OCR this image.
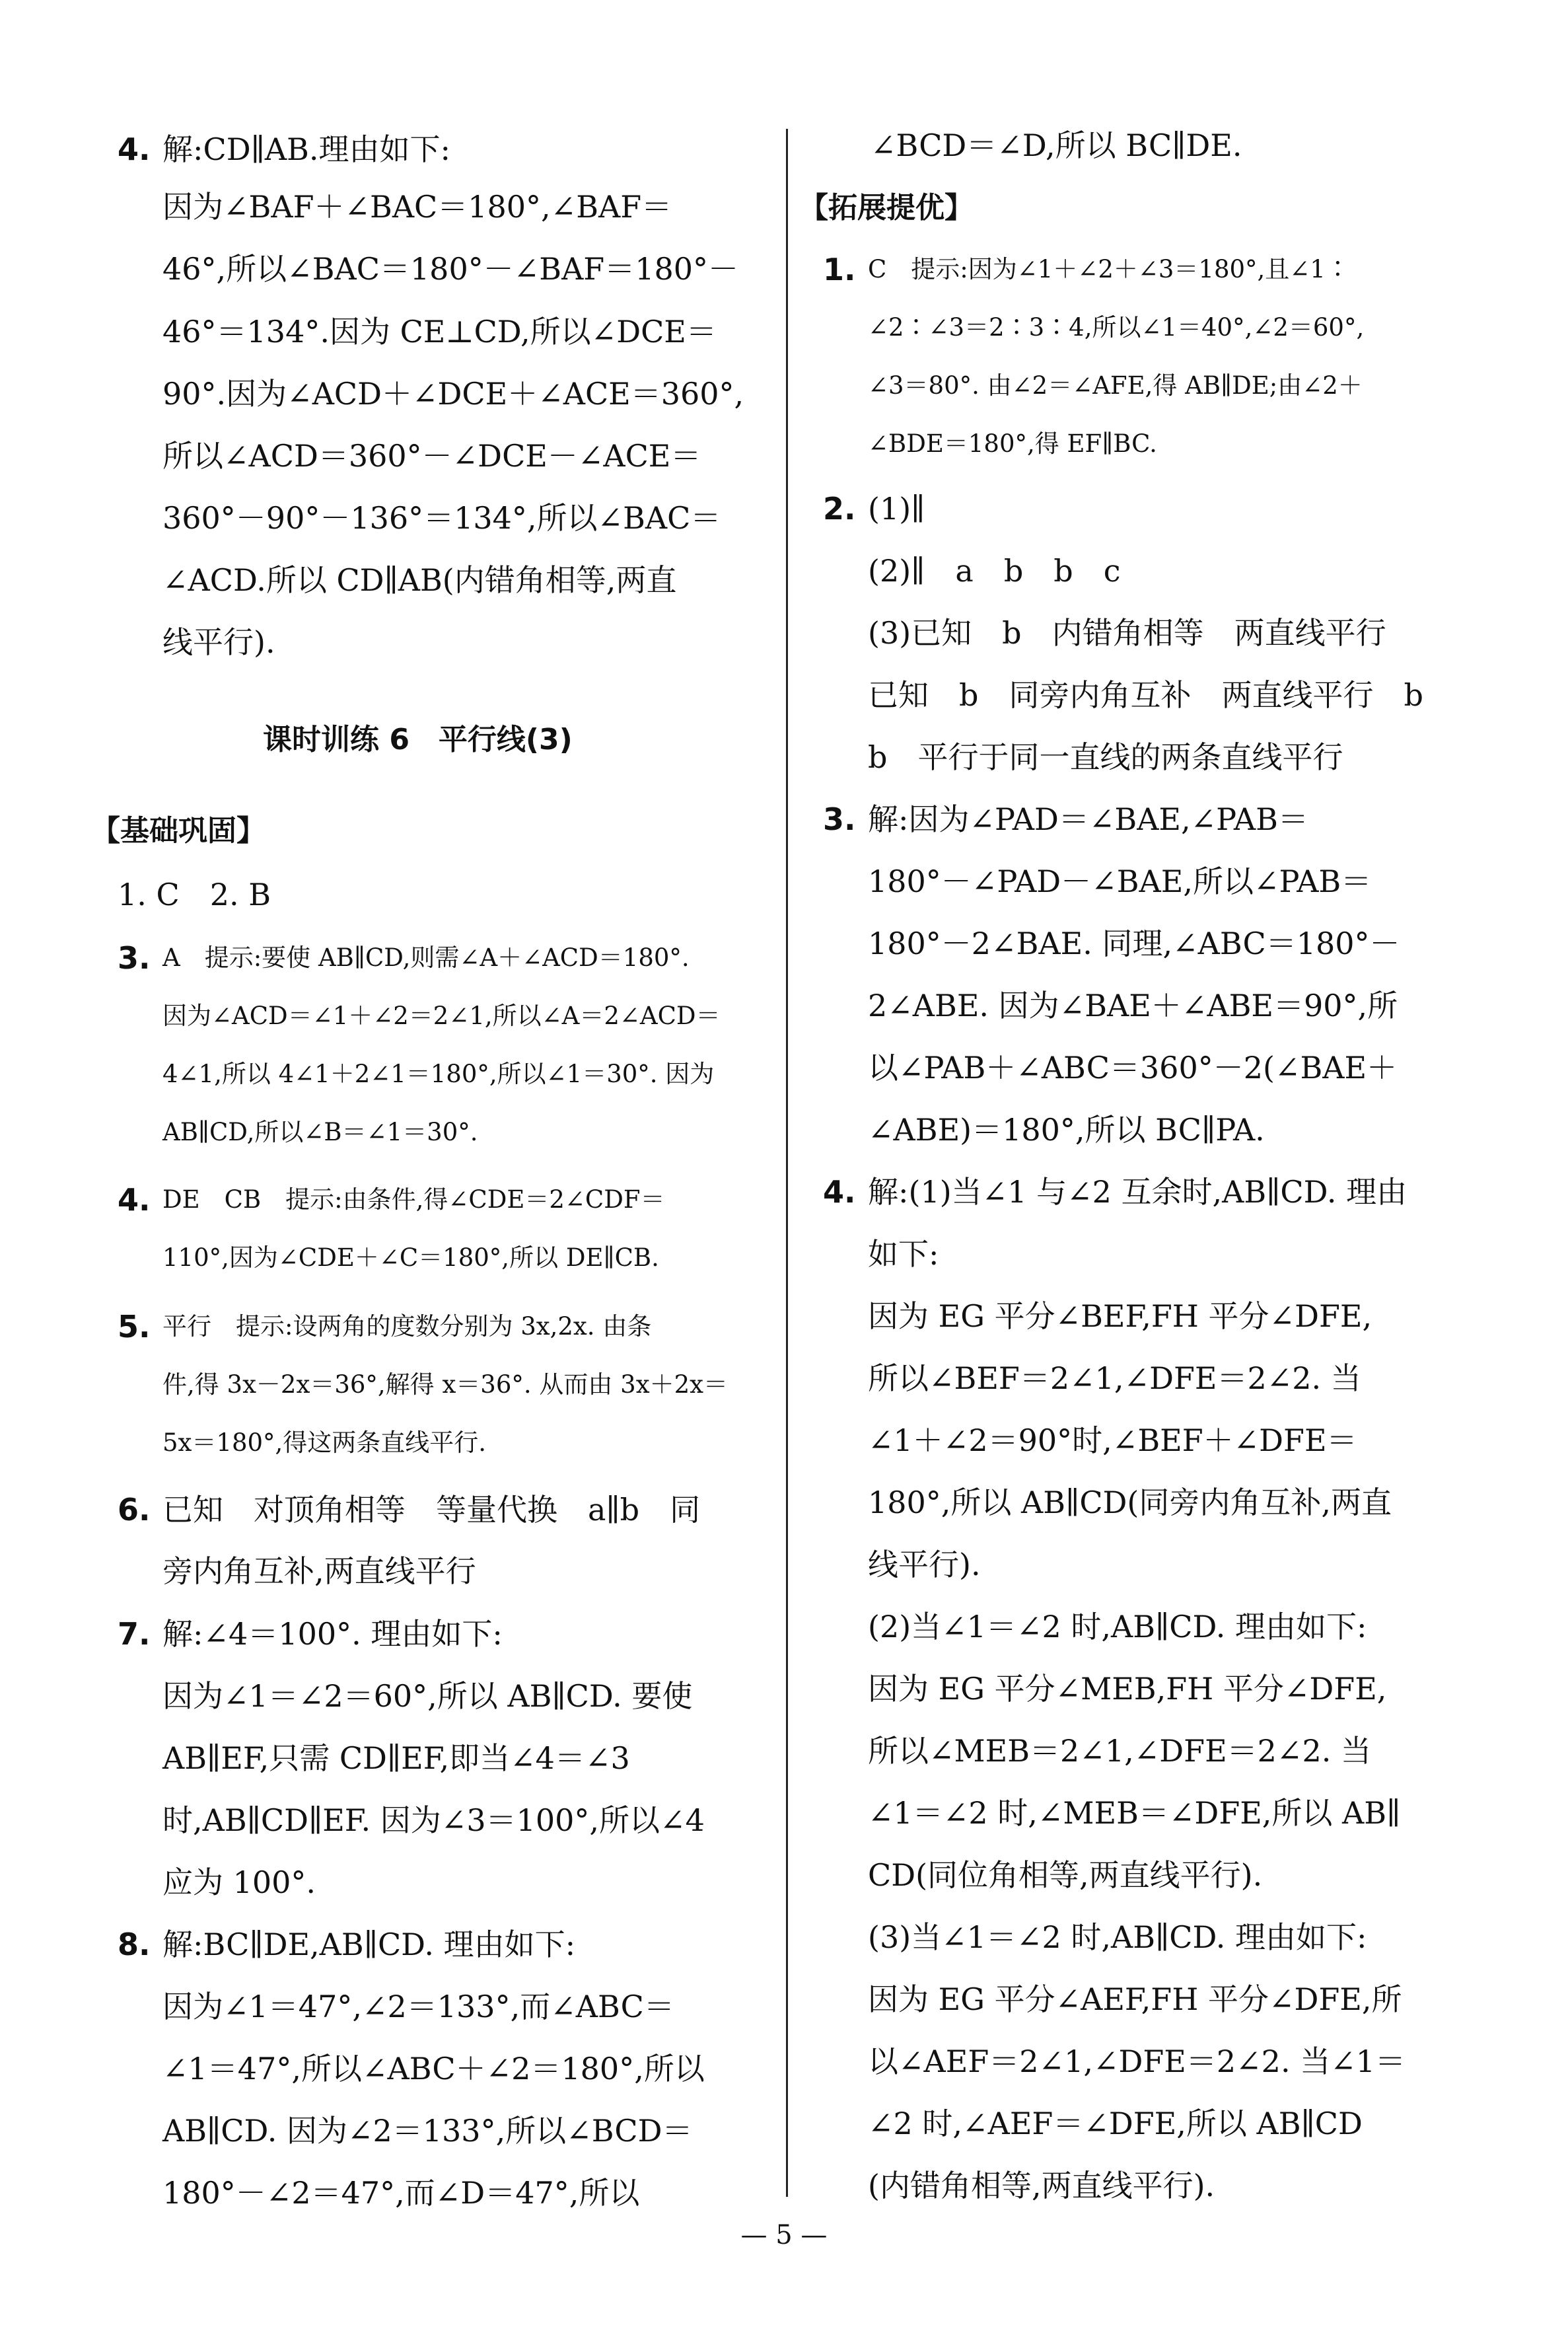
4. 解:CD∥AB.理由如下:
因为∠BAF＋∠BAC＝180°,∠BAF＝
46°,所以∠BAC＝180°－∠BAF＝180°－
46°＝134°.因为 CE⊥CD,所以∠DCE＝
90°.因为∠ACD＋∠DCE＋∠ACE＝360°,
所以∠ACD＝360°－∠DCE－∠ACE＝
360°－90°－136°＝134°,所以∠BAC＝
∠ACD.所以 CD∥AB(内错角相等,两直
线平行).
课时训练 6　平行线(3)
【基础巩固】
1. C　2. B
3. A　提示:要使 AB∥CD,则需∠A＋∠ACD＝180°.
因为∠ACD＝∠1＋∠2＝2∠1,所以∠A＝2∠ACD＝
4∠1,所以 4∠1＋2∠1＝180°,所以∠1＝30°. 因为
AB∥CD,所以∠B＝∠1＝30°.
4. DE　CB　提示:由条件,得∠CDE＝2∠CDF＝
110°,因为∠CDE＋∠C＝180°,所以 DE∥CB.
5. 平行　提示:设两角的度数分别为 3x,2x. 由条
件,得 3x－2x＝36°,解得 x＝36°. 从而由 3x＋2x＝
5x＝180°,得这两条直线平行.
6. 已知　对顶角相等　等量代换　a∥b　同
旁内角互补,两直线平行
7. 解:∠4＝100°. 理由如下:
因为∠1＝∠2＝60°,所以 AB∥CD. 要使
AB∥EF,只需 CD∥EF,即当∠4＝∠3
时,AB∥CD∥EF. 因为∠3＝100°,所以∠4
应为 100°.
8. 解:BC∥DE,AB∥CD. 理由如下:
因为∠1＝47°,∠2＝133°,而∠ABC＝
∠1＝47°,所以∠ABC＋∠2＝180°,所以
AB∥CD. 因为∠2＝133°,所以∠BCD＝
180°－∠2＝47°,而∠D＝47°,所以
∠BCD＝∠D,所以 BC∥DE.
【拓展提优】
1. C　提示:因为∠1＋∠2＋∠3＝180°,且∠1∶
∠2∶∠3＝2∶3∶4,所以∠1＝40°,∠2＝60°,
∠3＝80°. 由∠2＝∠AFE,得 AB∥DE;由∠2＋
∠BDE＝180°,得 EF∥BC.
2. (1)∥
(2)∥　a　b　b　c
(3)已知　b　内错角相等　两直线平行
已知　b　同旁内角互补　两直线平行　b
b　平行于同一直线的两条直线平行
3. 解:因为∠PAD＝∠BAE,∠PAB＝
180°－∠PAD－∠BAE,所以∠PAB＝
180°－2∠BAE. 同理,∠ABC＝180°－
2∠ABE. 因为∠BAE＋∠ABE＝90°,所
以∠PAB＋∠ABC＝360°－2(∠BAE＋
∠ABE)＝180°,所以 BC∥PA.
4. 解:(1)当∠1 与∠2 互余时,AB∥CD. 理由
如下:
因为 EG 平分∠BEF,FH 平分∠DFE,
所以∠BEF＝2∠1,∠DFE＝2∠2. 当
∠1＋∠2＝90°时,∠BEF＋∠DFE＝
180°,所以 AB∥CD(同旁内角互补,两直
线平行).
(2)当∠1＝∠2 时,AB∥CD. 理由如下:
因为 EG 平分∠MEB,FH 平分∠DFE,
所以∠MEB＝2∠1,∠DFE＝2∠2. 当
∠1＝∠2 时,∠MEB＝∠DFE,所以 AB∥
CD(同位角相等,两直线平行).
(3)当∠1＝∠2 时,AB∥CD. 理由如下:
因为 EG 平分∠AEF,FH 平分∠DFE,所
以∠AEF＝2∠1,∠DFE＝2∠2. 当∠1＝
∠2 时,∠AEF＝∠DFE,所以 AB∥CD
(内错角相等,两直线平行).
— 5 —
